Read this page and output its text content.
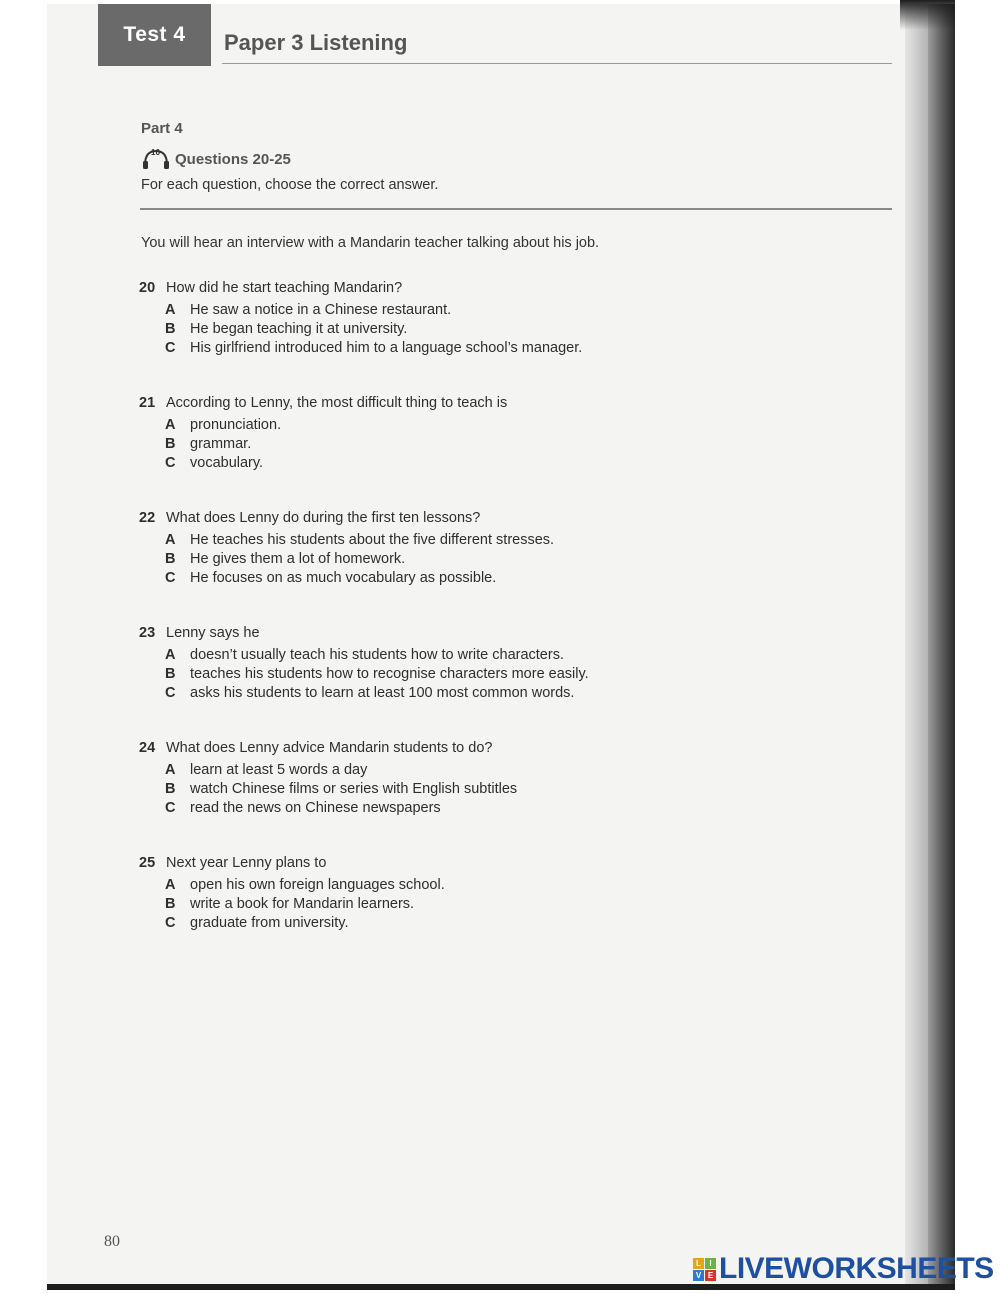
Test 4	Paper 3 Listening
Part 4
16 Questions 20-25
For each question, choose the correct answer.
You will hear an interview with a Mandarin teacher talking about his job.
20 How did he start teaching Mandarin?
A	He saw a notice in a Chinese restaurant.
B	He began teaching it at university.
C	His girlfriend introduced him to a language school’s manager.
21 According to Lenny, the most difficult thing to teach is
A	pronunciation.
B	grammar.
C	vocabulary.
22 What does Lenny do during the first ten lessons?
A	He teaches his students about the five different stresses.
B	He gives them a lot of homework.
C	He focuses on as much vocabulary as possible.
23 Lenny says he
A	doesn’t usually teach his students how to write characters.
B	teaches his students how to recognise characters more easily.
C	asks his students to learn at least 100 most common words.
24 What does Lenny advice Mandarin students to do?
A	learn at least 5 words a day
B	watch Chinese films or series with English subtitles
C	read the news on Chinese newspapers
25 Next year Lenny plans to
A	open his own foreign languages school.
B	write a book for Mandarin learners.
C	graduate from university.
80
L	I
V E LIVEWORKSHEETS
